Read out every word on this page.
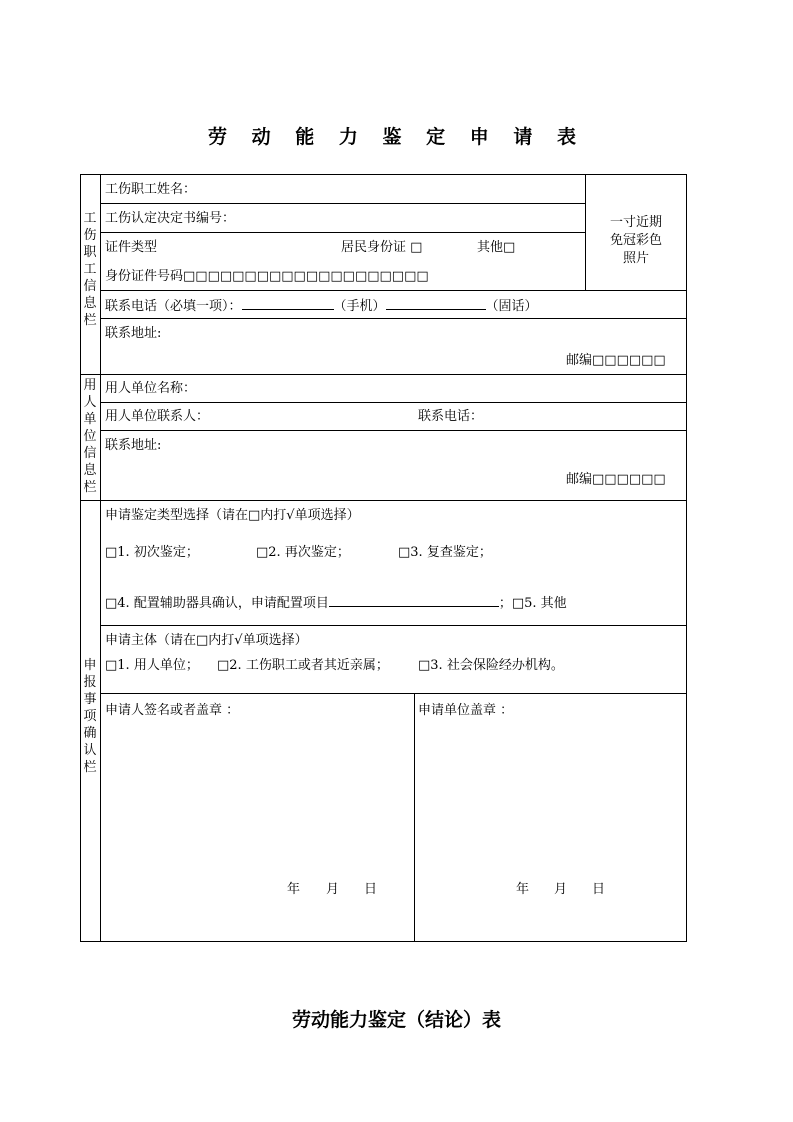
劳 动 能 力 鉴 定 申 请 表
工伤职工信息栏
工伤职工姓名：
工伤认定决定书编号：
证件类型	居民身份证 □	其他□
身份证件号码□□□□□□□□□□□□□□□□□□□□
一寸近期
免冠彩色
照片
联系电话（必填一项）：	（手机）	（固话）
联系地址:
邮编□□□□□□
用人单位信息栏
用人单位名称：
用人单位联系人：	联系电话：
联系地址:
邮编□□□□□□
申报事项确认栏
申请鉴定类型选择（请在□内打√单项选择）
□1. 初次鉴定；	□2. 再次鉴定；	□3. 复查鉴定；
□4. 配置辅助器具确认，申请配置项目	；□5. 其他
申请主体（请在□内打√单项选择）
□1. 用人单位； □2. 工伤职工或者其近亲属； □3. 社会保险经办机构。
申请人签名或者盖章 ：	申请单位盖章 ：
年 月 日	年 月 日
劳动能力鉴定（结论）表
